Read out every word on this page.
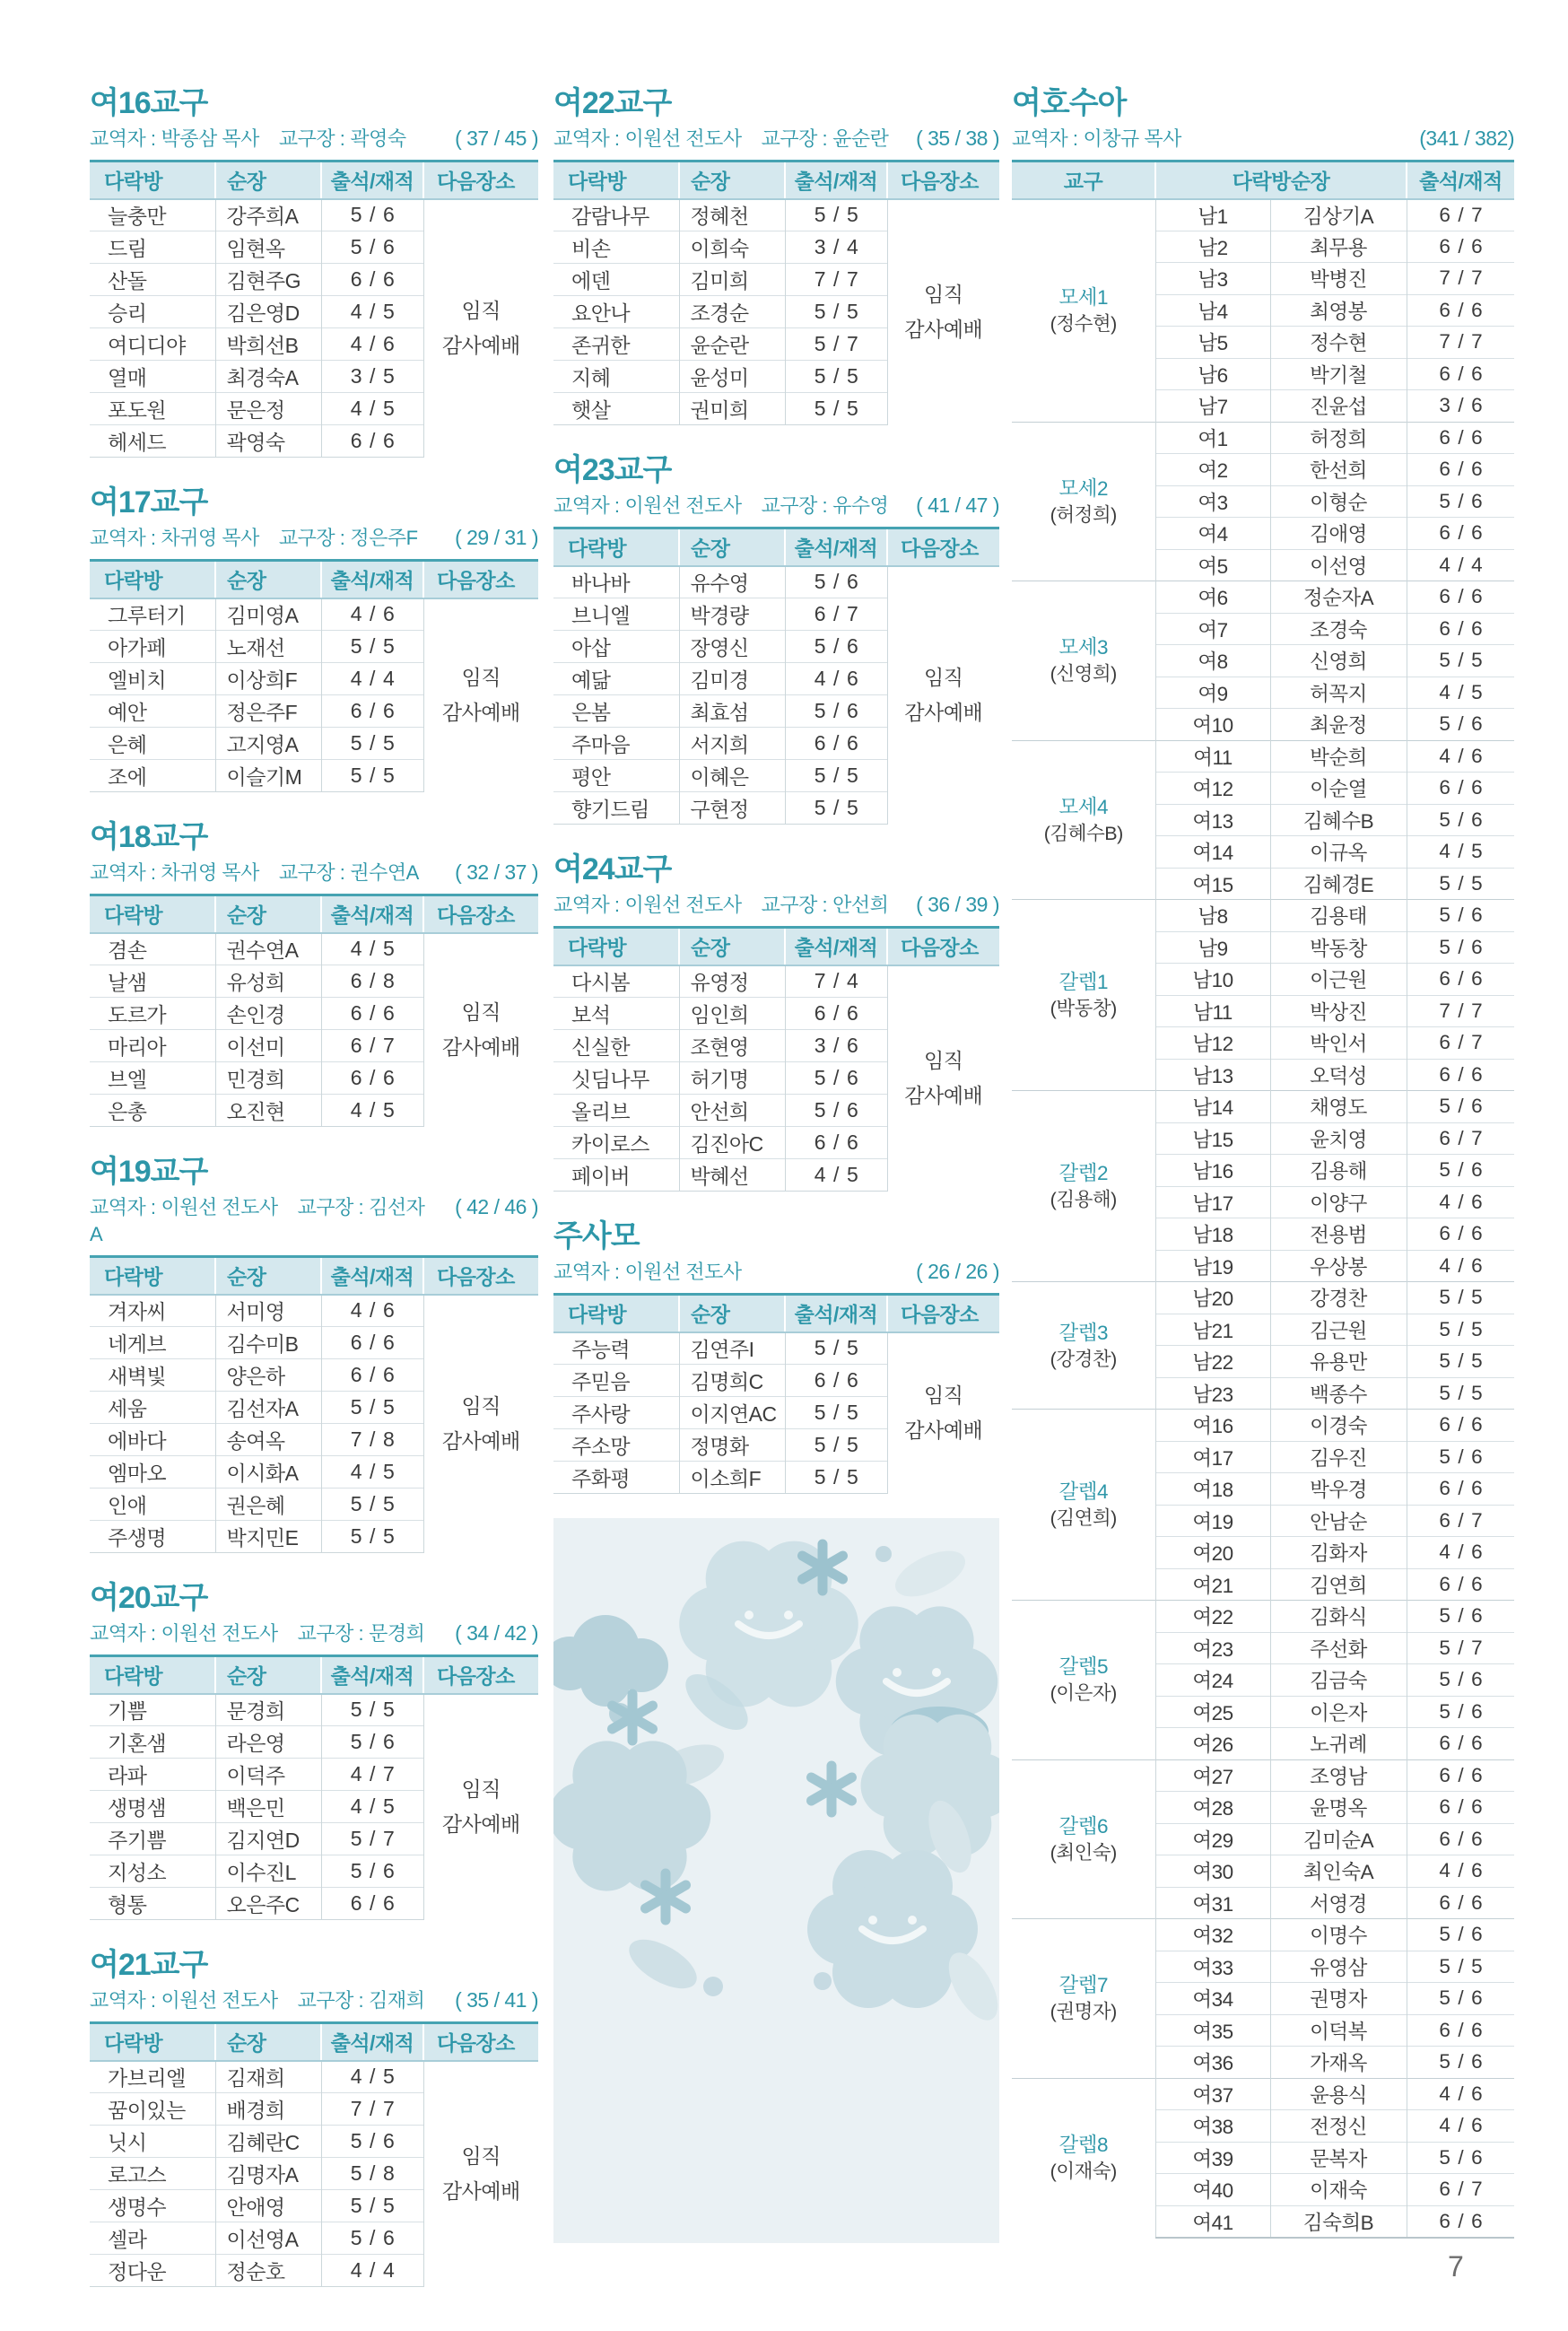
여16교구
교역자 : 박종삼 목사 교구장 : 곽영숙	( 37 / 45 )
다락방	순장	출석/재적	다음장소
늘충만	강주희A	5 / 6	임직
감사예배

드림	임현옥	5 / 6	
산돌	김현주G	6 / 6	
승리	김은영D	4 / 5	
여디디야	박희선B	4 / 6	
열매	최경숙A	3 / 5	
포도원	문은정	4 / 5	
헤세드	곽영숙	6 / 6	
여17교구
교역자 : 차귀영 목사 교구장 : 정은주F	( 29 / 31 )
다락방	순장	출석/재적	다음장소
그루터기	김미영A	4 / 6	임직
감사예배

아가페	노재선	5 / 5	
엘비치	이상희F	4 / 4	
예안	정은주F	6 / 6	
은혜	고지영A	5 / 5	
조에	이슬기M	5 / 5	
여18교구
교역자 : 차귀영 목사 교구장 : 권수연A	( 32 / 37 )
다락방	순장	출석/재적	다음장소
겸손	권수연A	4 / 5	임직
감사예배

날샘	유성희	6 / 8	
도르가	손인경	6 / 6	
마리아	이선미	6 / 7	
브엘	민경희	6 / 6	
은총	오진현	4 / 5	
여19교구
교역자 : 이원선 전도사 교구장 : 김선자A
( 42 / 46 )
다락방	순장	출석/재적	다음장소
겨자씨	서미영	4 / 6	임직
감사예배

네게브	김수미B	6 / 6	
새벽빛	양은하	6 / 6	
세움	김선자A	5 / 5	
에바다	송여옥	7 / 8	
엠마오	이시화A	4 / 5	
인애	권은혜	5 / 5	
주생명	박지민E	5 / 5	
여20교구
교역자 : 이원선 전도사 교구장 : 문경희	( 34 / 42 )
다락방	순장	출석/재적	다음장소
기쁨	문경희	5 / 5	임직
감사예배

기혼샘	라은영	5 / 6	
라파	이덕주	4 / 7	
생명샘	백은민	4 / 5	
주기쁨	김지연D	5 / 7	
지성소	이수진L	5 / 6	
형통	오은주C	6 / 6	
여21교구
교역자 : 이원선 전도사 교구장 : 김재희	( 35 / 41 )
다락방	순장	출석/재적	다음장소
가브리엘	김재희	4 / 5	임직
감사예배

꿈이있는	배경희	7 / 7	
닛시	김혜란C	5 / 6	
로고스	김명자A	5 / 8	
생명수	안애영	5 / 5	
셀라	이선영A	5 / 6	
정다운	정순호	4 / 4	
여22교구
교역자 : 이원선 전도사 교구장 : 윤순란	( 35 / 38 )
다락방	순장	출석/재적	다음장소
감람나무	정혜천	5 / 5	임직
감사예배

비손	이희숙	3 / 4	
에덴	김미희	7 / 7	
요안나	조경순	5 / 5	
존귀한	윤순란	5 / 7	
지혜	윤성미	5 / 5	
햇살	권미희	5 / 5	
여23교구
교역자 : 이원선 전도사 교구장 : 유수영	( 41 / 47 )
다락방	순장	출석/재적	다음장소
바나바	유수영	5 / 6	임직
감사예배

브니엘	박경량	6 / 7	
아삽	장영신	5 / 6	
예닮	김미경	4 / 6	
은봄	최효섬	5 / 6	
주마음	서지희	6 / 6	
평안	이혜은	5 / 5	
향기드림	구현정	5 / 5	
여24교구
교역자 : 이원선 전도사 교구장 : 안선희	( 36 / 39 )
다락방	순장	출석/재적	다음장소
다시봄	유영정	7 / 4	임직
감사예배

보석	임인희	6 / 6	
신실한	조현영	3 / 6	
싯딤나무	허기명	5 / 6	
올리브	안선희	5 / 6	
카이로스	김진아C	6 / 6	
페이버	박혜선	4 / 5	
주사모
교역자 : 이원선 전도사	( 26 / 26 )
다락방	순장	출석/재적	다음장소
주능력	김연주I	5 / 5	임직
감사예배

주믿음	김명희C	6 / 6	
주사랑	이지연AC	5 / 5	
주소망	정명화	5 / 5	
주화평	이소희F	5 / 5	
여호수아
교역자 : 이창규 목사	(341 / 382)
교구	다락방순장		출석/재적

모세1
(정수현)	남1	김상기A	6 / 7
	남2	최무용	6 / 6
	남3	박병진	7 / 7
	남4	최영봉	6 / 6
	남5	정수현	7 / 7
	남6	박기철	6 / 6
	남7	진윤섭	3 / 6

모세2
(허정희)	여1	허정희	6 / 6
	여2	한선희	6 / 6
	여3	이형순	5 / 6
	여4	김애영	6 / 6
	여5	이선영	4 / 4

모세3
(신영희)	여6	정순자A	6 / 6
	여7	조경숙	6 / 6
	여8	신영희	5 / 5
	여9	허꼭지	4 / 5
	여10	최윤정	5 / 6

모세4
(김혜수B)	여11	박순희	4 / 6
	여12	이순열	6 / 6
	여13	김혜수B	5 / 6
	여14	이규옥	4 / 5
	여15	김혜경E	5 / 5

갈렙1
(박동창)	남8	김용태	5 / 6
	남9	박동창	5 / 6
	남10	이근원	6 / 6
	남11	박상진	7 / 7
	남12	박인서	6 / 7
	남13	오덕성	6 / 6

갈렙2
(김용해)	남14	채영도	5 / 6
	남15	윤치영	6 / 7
	남16	김용해	5 / 6
	남17	이양구	4 / 6
	남18	전용범	6 / 6
	남19	우상봉	4 / 6

갈렙3
(강경찬)	남20	강경찬	5 / 5
	남21	김근원	5 / 5
	남22	유용만	5 / 5
	남23	백종수	5 / 5

갈렙4
(김연희)	여16	이경숙	6 / 6
	여17	김우진	5 / 6
	여18	박우경	6 / 6
	여19	안남순	6 / 7
	여20	김화자	4 / 6
	여21	김연희	6 / 6

갈렙5
(이은자)	여22	김화식	5 / 6
	여23	주선화	5 / 7
	여24	김금숙	5 / 6
	여25	이은자	5 / 6
	여26	노귀례	6 / 6

갈렙6
(최인숙)	여27	조영남	6 / 6
	여28	윤명옥	6 / 6
	여29	김미순A	6 / 6
	여30	최인숙A	4 / 6
	여31	서영경	6 / 6

갈렙7
(권명자)	여32	이명수	5 / 6
	여33	유영삼	5 / 5
	여34	권명자	5 / 6
	여35	이덕복	6 / 6
	여36	가재옥	5 / 6

갈렙8
(이재숙)	여37	윤용식	4 / 6
	여38	전정신	4 / 6
	여39	문복자	5 / 6
	여40	이재숙	6 / 7
	여41	김숙희B	6 / 6
7
